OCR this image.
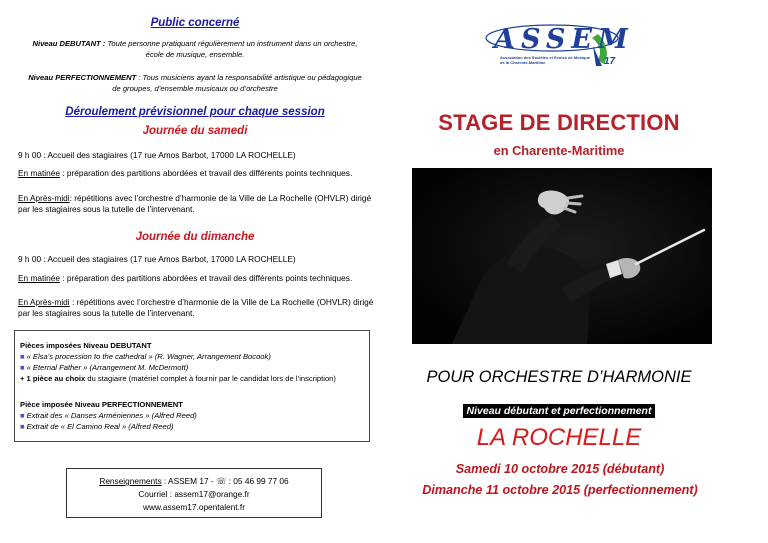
Public concerné
Niveau DEBUTANT : Toute personne pratiquant régulièrement un instrument dans un orchestre,
école de musique, ensemble.
Niveau PERFECTIONNEMENT : Tous musiciens ayant la responsabilité artistique ou pédagogique
de groupes, d’ensemble musicaux ou d’orchestre
Déroulement prévisionnel pour chaque session
Journée du samedi
9 h 00 : Accueil des stagiaires (17 rue Amos Barbot, 17000 LA ROCHELLE)
En matinée : préparation des partitions abordées et travail des différents points techniques.
En Après-midi: répétitions avec l’orchestre d’harmonie de la Ville de La Rochelle (OHVLR) dirigé
par les stagiaires sous la tutelle de l’intervenant.
Journée du dimanche
9 h 00 : Accueil des stagiaires (17 rue Amos Barbot, 17000 LA ROCHELLE)
En matinée : préparation des partitions abordées et travail des différents points techniques.
En Après-midi : répétitions avec l’orchestre d’harmonie de la Ville de La Rochelle (OHVLR) dirigé
par les stagiaires sous la tutelle de l’intervenant.
Pièces imposées Niveau DEBUTANT
■ « Elsa’s procession to the cathedral » (R. Wagner, Arrangement Bocook)
■ « Eternal Father » (Arrangement M. McDermott)
+ 1 pièce au choix du stagiaire (matériel complet à fournir par le candidat lors de l’inscription)
Pièce imposée Niveau PERFECTIONNEMENT
■ Extrait des « Danses Arméniennes » (Alfred Reed)
■ Extrait de « El Camino Real » (Alfred Reed)
Renseignements : ASSEM 17 - ☏ : 05 46 99 77 06
Courriel : assem17@orange.fr
www.assem17.opentalent.fr
ASSEM
17
Association des Sociétés et Ecoles de Musique
de la Charente-Maritime
STAGE DE DIRECTION
en Charente-Maritime
POUR ORCHESTRE D’HARMONIE
Niveau débutant et perfectionnement
LA ROCHELLE
Samedi 10 octobre 2015 (débutant)
Dimanche 11 octobre 2015 (perfectionnement)
